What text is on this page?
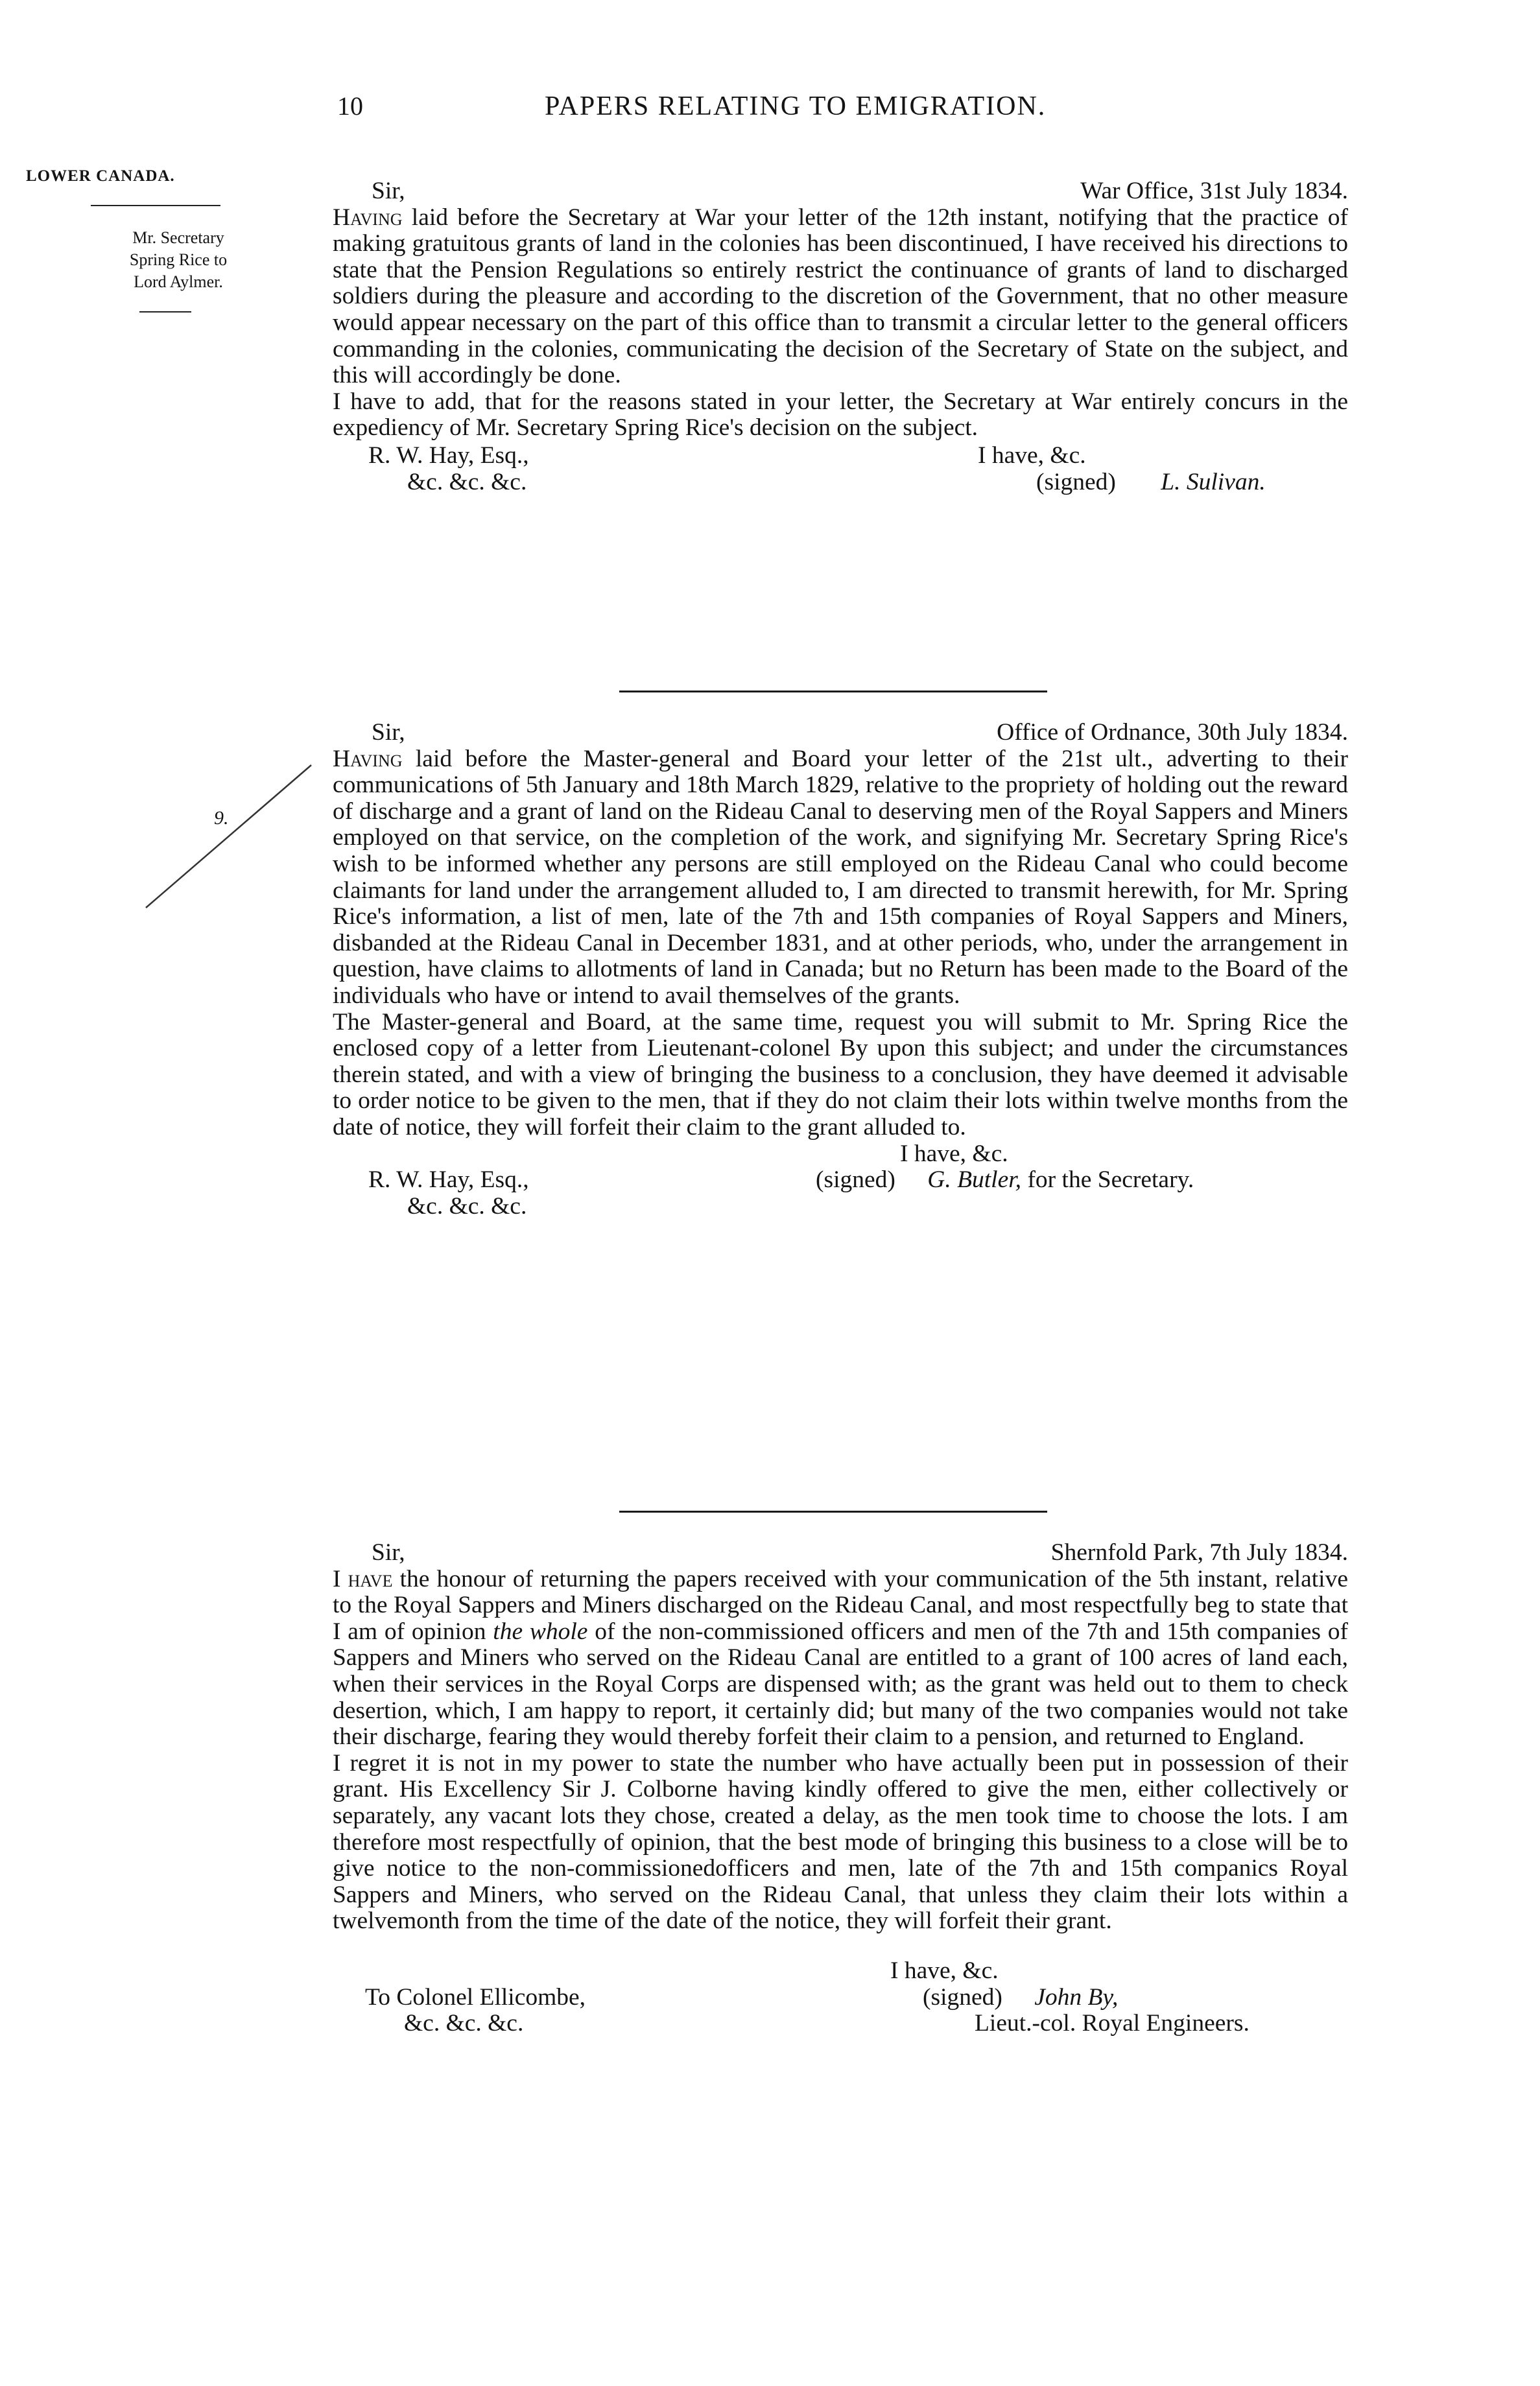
10	PAPERS RELATING TO EMIGRATION.
LOWER CANADA.
Mr. Secretary
Spring Rice to
Lord Aylmer.
9.
Sir,	War Office, 31st July 1834.

Having laid before the Secretary at War your letter of the 12th instant, notifying that the practice of making gratuitous grants of land in the colonies has been discontinued, I have received his directions to state that the Pension Regulations so entirely restrict the continuance of grants of land to discharged soldiers during the pleasure and according to the discretion of the Government, that no other measure would appear necessary on the part of this office than to transmit a circular letter to the general officers commanding in the colonies, communicating the decision of the Secretary of State on the subject, and this will accordingly be done.

I have to add, that for the reasons stated in your letter, the Secretary at War entirely concurs in the expediency of Mr. Secretary Spring Rice's decision on the subject.

R. W. Hay, Esq.,	I have, &c.
&c. &c. &c.	(signed) L. Sulivan.
Sir,	Office of Ordnance, 30th July 1834.

Having laid before the Master-general and Board your letter of the 21st ult., adverting to their communications of 5th January and 18th March 1829, relative to the propriety of holding out the reward of discharge and a grant of land on the Rideau Canal to deserving men of the Royal Sappers and Miners employed on that service, on the completion of the work, and signifying Mr. Secretary Spring Rice's wish to be informed whether any persons are still employed on the Rideau Canal who could become claimants for land under the arrangement alluded to, I am directed to transmit herewith, for Mr. Spring Rice's information, a list of men, late of the 7th and 15th companies of Royal Sappers and Miners, disbanded at the Rideau Canal in December 1831, and at other periods, who, under the arrangement in question, have claims to allotments of land in Canada; but no Return has been made to the Board of the individuals who have or intend to avail themselves of the grants.

The Master-general and Board, at the same time, request you will submit to Mr. Spring Rice the enclosed copy of a letter from Lieutenant-colonel By upon this subject; and under the circumstances therein stated, and with a view of bringing the business to a conclusion, they have deemed it advisable to order notice to be given to the men, that if they do not claim their lots within twelve months from the date of notice, they will forfeit their claim to the grant alluded to.

I have, &c.
R. W. Hay, Esq.,	(signed) G. Butler, for the Secretary.
&c. &c. &c.
Sir,	Shernfold Park, 7th July 1834.

I have the honour of returning the papers received with your communication of the 5th instant, relative to the Royal Sappers and Miners discharged on the Rideau Canal, and most respectfully beg to state that I am of opinion the whole of the non-commissioned officers and men of the 7th and 15th companies of Sappers and Miners who served on the Rideau Canal are entitled to a grant of 100 acres of land each, when their services in the Royal Corps are dispensed with; as the grant was held out to them to check desertion, which, I am happy to report, it certainly did; but many of the two companies would not take their discharge, fearing they would thereby forfeit their claim to a pension, and returned to England.

I regret it is not in my power to state the number who have actually been put in possession of their grant. His Excellency Sir J. Colborne having kindly offered to give the men, either collectively or separately, any vacant lots they chose, created a delay, as the men took time to choose the lots. I am therefore most respectfully of opinion, that the best mode of bringing this business to a close will be to give notice to the non-commissionedofficers and men, late of the 7th and 15th companics Royal Sappers and Miners, who served on the Rideau Canal, that unless they claim their lots within a twelvemonth from the time of the date of the notice, they will forfeit their grant.

I have, &c.
To Colonel Ellicombe,	(signed) John By,
&c. &c. &c.	Lieut.-col. Royal Engineers.
